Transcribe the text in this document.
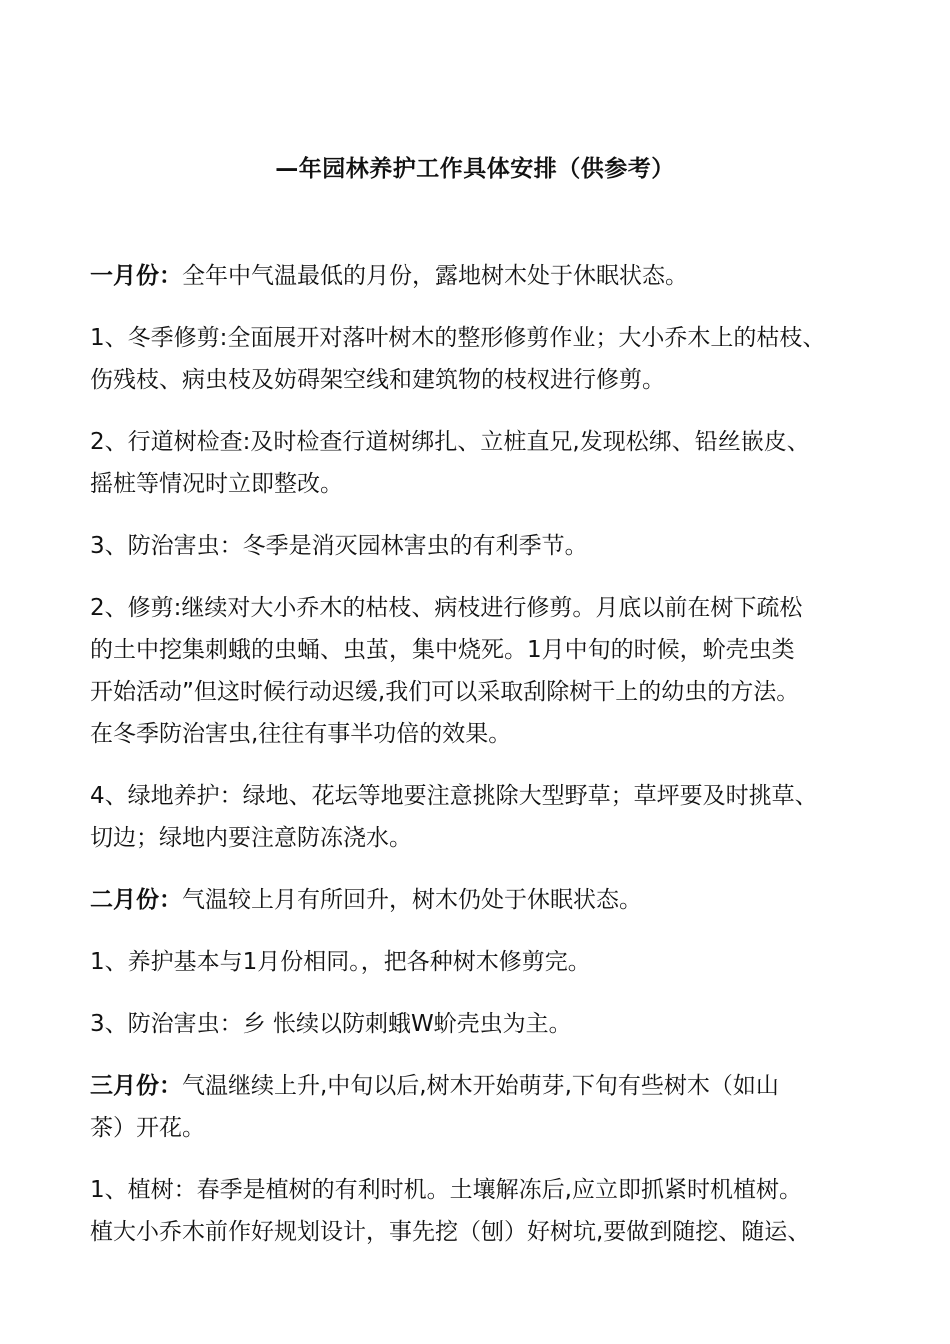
—年园林养护工作具体安排（供参考）
一月份：全年中气温最低的月份，露地树木处于休眠状态。
1、冬季修剪:全面展开对落叶树木的整形修剪作业；大小乔木上的枯枝、
伤残枝、病虫枝及妨碍架空线和建筑物的枝杈进行修剪。
2、行道树检查:及时检查行道树绑扎、立桩直兄,发现松绑、铅丝嵌皮、
摇桩等情况时立即整改。
3、防治害虫：冬季是消灭园林害虫的有利季节。
2、修剪:继续对大小乔木的枯枝、病枝进行修剪。月底以前在树下疏松
的土中挖集刺蛾的虫蛹、虫茧，集中烧死。1月中旬的时候，蚧壳虫类
开始活动”但这时候行动迟缓,我们可以采取刮除树干上的幼虫的方法。
在冬季防治害虫,往往有事半功倍的效果。
4、绿地养护：绿地、花坛等地要注意挑除大型野草；草坪要及时挑草、
切边；绿地内要注意防冻浇水。
二月份：气温较上月有所回升，树木仍处于休眠状态。
1、养护基本与1月份相同。，把各种树木修剪完。
3、防治害虫：乡 怅续以防刺蛾W蚧壳虫为主。
三月份：气温继续上升,中旬以后,树木开始萌芽,下旬有些树木（如山
茶）开花。
1、植树：春季是植树的有利时机。土壤解冻后,应立即抓紧时机植树。
植大小乔木前作好规划设计，事先挖（刨）好树坑,要做到随挖、随运、
